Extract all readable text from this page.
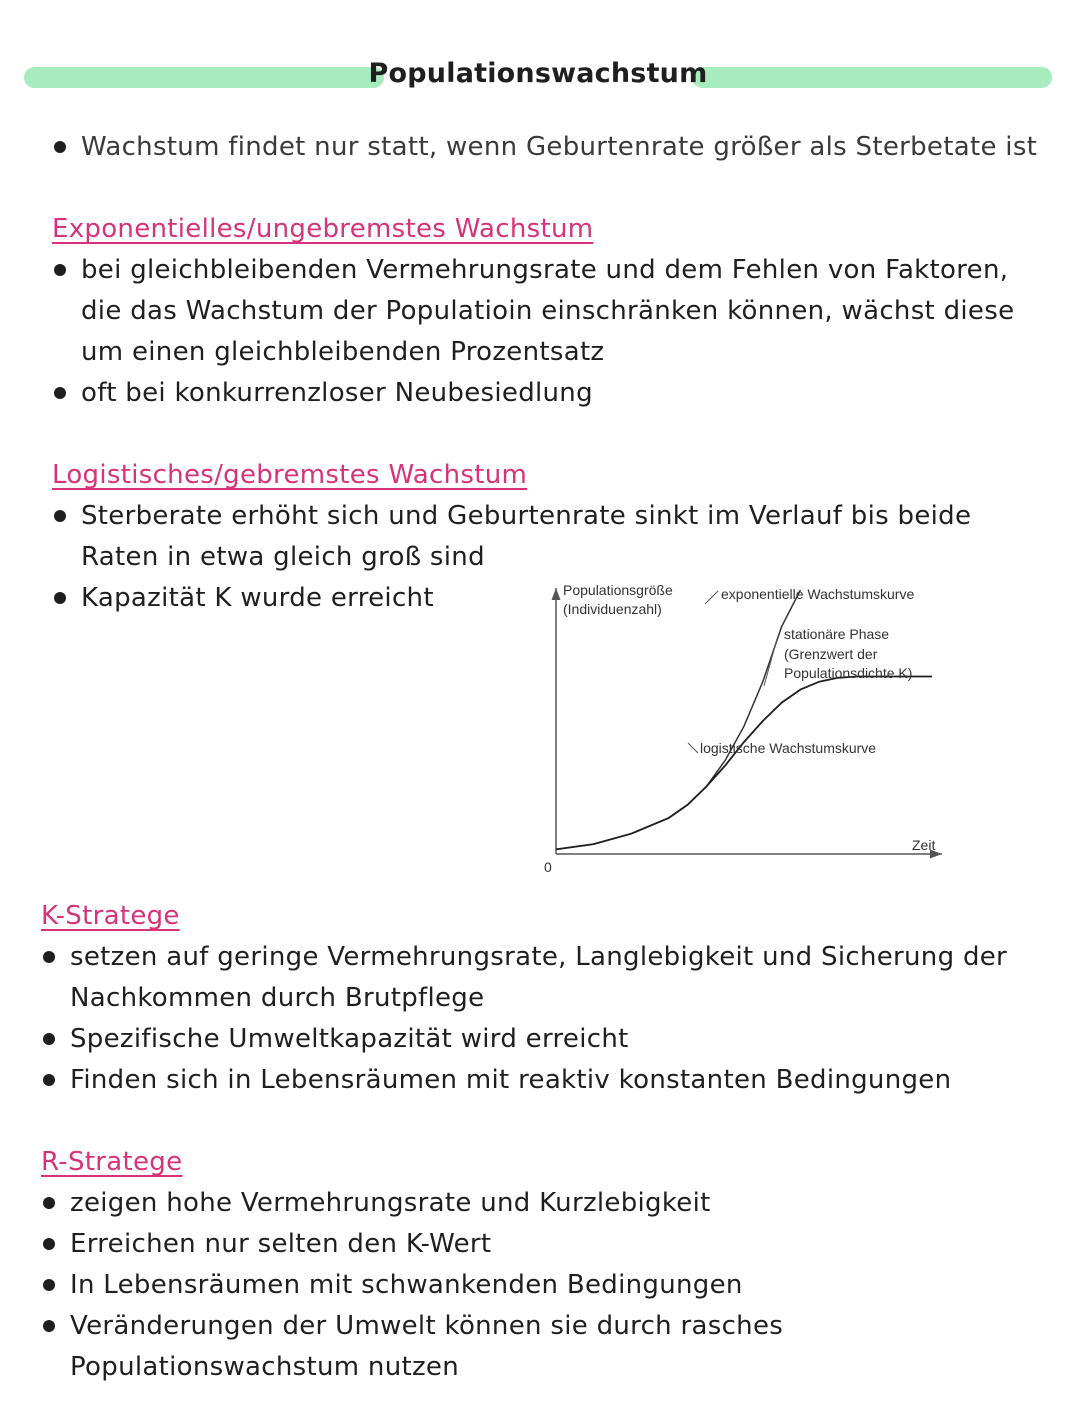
Populationswachstum
Wachstum findet nur statt, wenn Geburtenrate größer als Sterbetate ist
Exponentielles/ungebremstes Wachstum
bei gleichbleibenden Vermehrungsrate und dem Fehlen von Faktoren, die das Wachstum der Populatioin einschränken können, wächst diese um einen gleichbleibenden Prozentsatz
oft bei konkurrenzloser Neubesiedlung
Logistisches/gebremstes Wachstum
Sterberate erhöht sich und Geburtenrate sinkt im Verlauf bis beide Raten in etwa gleich groß sind
Kapazität K wurde erreicht	Populationsgröße
(Individuenzahl)
Zeit
0
exponentielle Wachstumskurve
stationäre Phase
(Grenzwert der
Populationsdichte K)
logistische Wachstumskurve
K-Stratege
setzen auf geringe Vermehrungsrate, Langlebigkeit und Sicherung der Nachkommen durch Brutpflege
Spezifische Umweltkapazität wird erreicht
Finden sich in Lebensräumen mit reaktiv konstanten Bedingungen
R-Stratege
zeigen hohe Vermehrungsrate und Kurzlebigkeit
Erreichen nur selten den K-Wert
In Lebensräumen mit schwankenden Bedingungen
Veränderungen der Umwelt können sie durch rasches Populationswachstum nutzen
